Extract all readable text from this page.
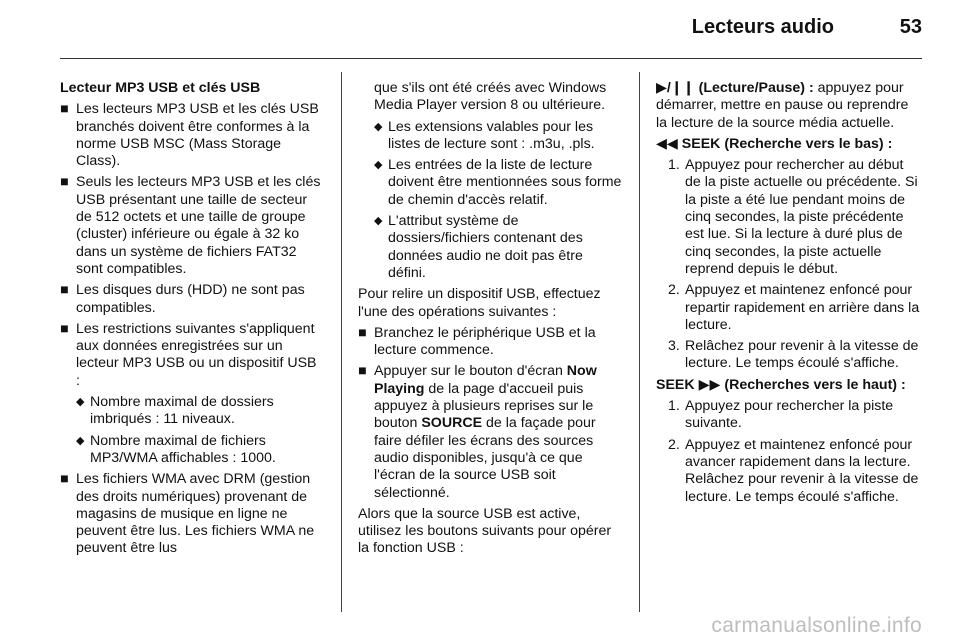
Lecteurs audio	53
Lecteur MP3 USB et clés USB
■ Les lecteurs MP3 USB et les clés USB branchés doivent être conformes à la norme USB MSC (Mass Storage Class).
■ Seuls les lecteurs MP3 USB et les clés USB présentant une taille de secteur de 512 octets et une taille de groupe (cluster) inférieure ou égale à 32 ko dans un système de fichiers FAT32 sont compatibles.
■ Les disques durs (HDD) ne sont pas compatibles.
■ Les restrictions suivantes s'appliquent aux données enregistrées sur un lecteur MP3 USB ou un dispositif USB :
◆ Nombre maximal de dossiers imbriqués : 11 niveaux.
◆ Nombre maximal de fichiers MP3/WMA affichables : 1000.
■ Les fichiers WMA avec DRM (gestion des droits numériques) provenant de magasins de musique en ligne ne peuvent être lus. Les fichiers WMA ne peuvent être lus
que s'ils ont été créés avec Windows Media Player version 8 ou ultérieure.
◆ Les extensions valables pour les listes de lecture sont : .m3u, .pls.
◆ Les entrées de la liste de lecture doivent être mentionnées sous forme de chemin d'accès relatif.
◆ L'attribut système de dossiers/fichiers contenant des données audio ne doit pas être défini.
Pour relire un dispositif USB, effectuez l'une des opérations suivantes :
■ Branchez le périphérique USB et la lecture commence.
■ Appuyer sur le bouton d'écran Now Playing de la page d'accueil puis appuyez à plusieurs reprises sur le bouton SOURCE de la façade pour faire défiler les écrans des sources audio disponibles, jusqu'à ce que l'écran de la source USB soit sélectionné.
Alors que la source USB est active, utilisez les boutons suivants pour opérer la fonction USB :
▶/❙❙ (Lecture/Pause) : appuyez pour démarrer, mettre en pause ou reprendre la lecture de la source média actuelle.
◀◀ SEEK (Recherche vers le bas) :
1. Appuyez pour rechercher au début de la piste actuelle ou précédente. Si la piste a été lue pendant moins de cinq secondes, la piste précédente est lue. Si la lecture à duré plus de cinq secondes, la piste actuelle reprend depuis le début.
2. Appuyez et maintenez enfoncé pour repartir rapidement en arrière dans la lecture.
3. Relâchez pour revenir à la vitesse de lecture. Le temps écoulé s'affiche.
SEEK ▶▶ (Recherches vers le haut) :
1. Appuyez pour rechercher la piste suivante.
2. Appuyez et maintenez enfoncé pour avancer rapidement dans la lecture. Relâchez pour revenir à la vitesse de lecture. Le temps écoulé s'affiche.
carmanualsonline.info
